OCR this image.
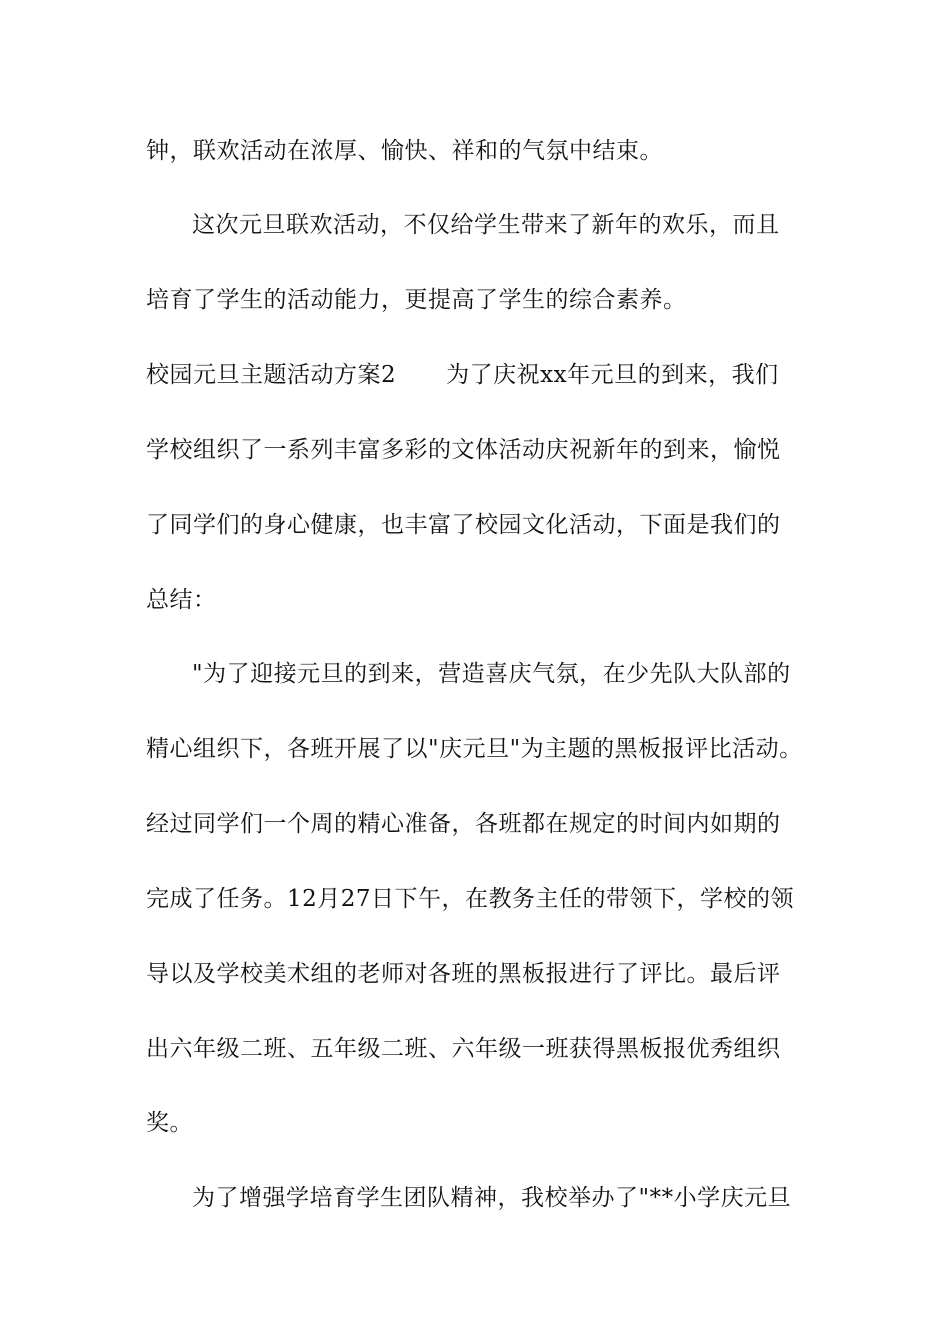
钟，联欢活动在浓厚、愉快、祥和的气氛中结束。
这次元旦联欢活动，不仅给学生带来了新年的欢乐，而且
培育了学生的活动能力，更提高了学生的综合素养。
校园元旦主题活动方案2 为了庆祝xx年元旦的到来，我们
学校组织了一系列丰富多彩的文体活动庆祝新年的到来，愉悦
了同学们的身心健康，也丰富了校园文化活动，下面是我们的
总结：
"为了迎接元旦的到来，营造喜庆气氛，在少先队大队部的
精心组织下，各班开展了以"庆元旦"为主题的黑板报评比活动。
经过同学们一个周的精心准备，各班都在规定的时间内如期的
完成了任务。12月27日下午，在教务主任的带领下，学校的领
导以及学校美术组的老师对各班的黑板报进行了评比。最后评
出六年级二班、五年级二班、六年级一班获得黑板报优秀组织
奖。
为了增强学培育学生团队精神，我校举办了"**小学庆元旦
